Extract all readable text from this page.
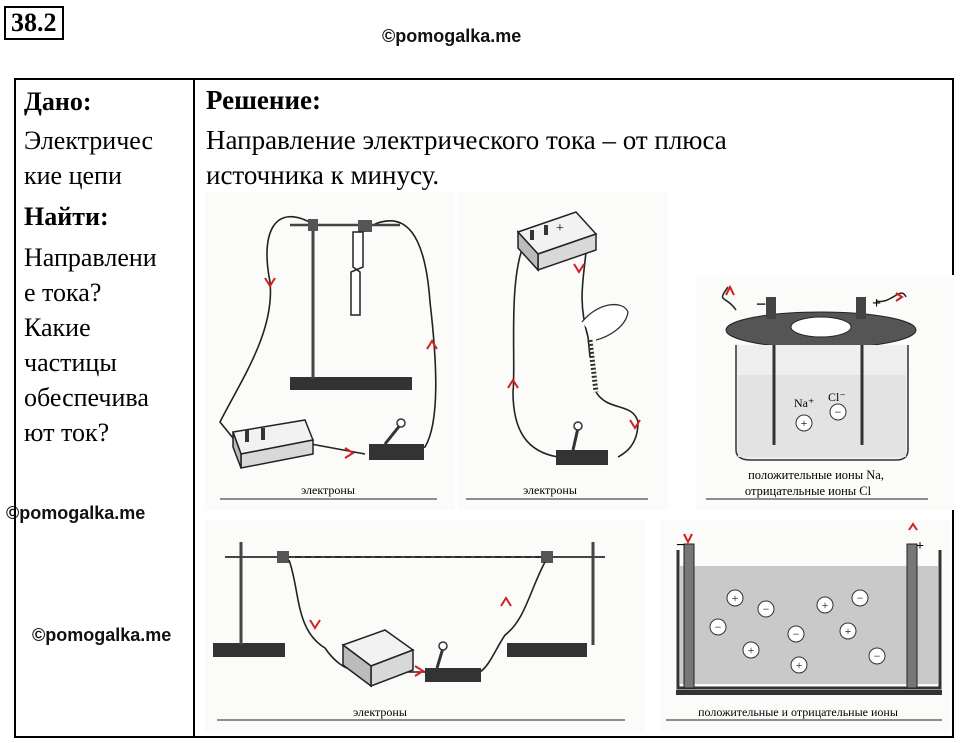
38.2	©pomogalka.me
©pomogalka.me
©pomogalka.me

Дано:

Электричес

кие цепи

Найти:

Направлени

е тока?

Какие

частицы

обеспечива

ют ток?

Решение:
Направление электрического тока – от плюса
источника к минусу.
электроны
+
электроны
−	+
Na⁺ Cl⁻
+
−
положительные ионы Na,
отрицательные ионы Cl
электроны
−	+
+
−	+ −
−	−	+
+	−
+
положительные и отрицательные ионы
